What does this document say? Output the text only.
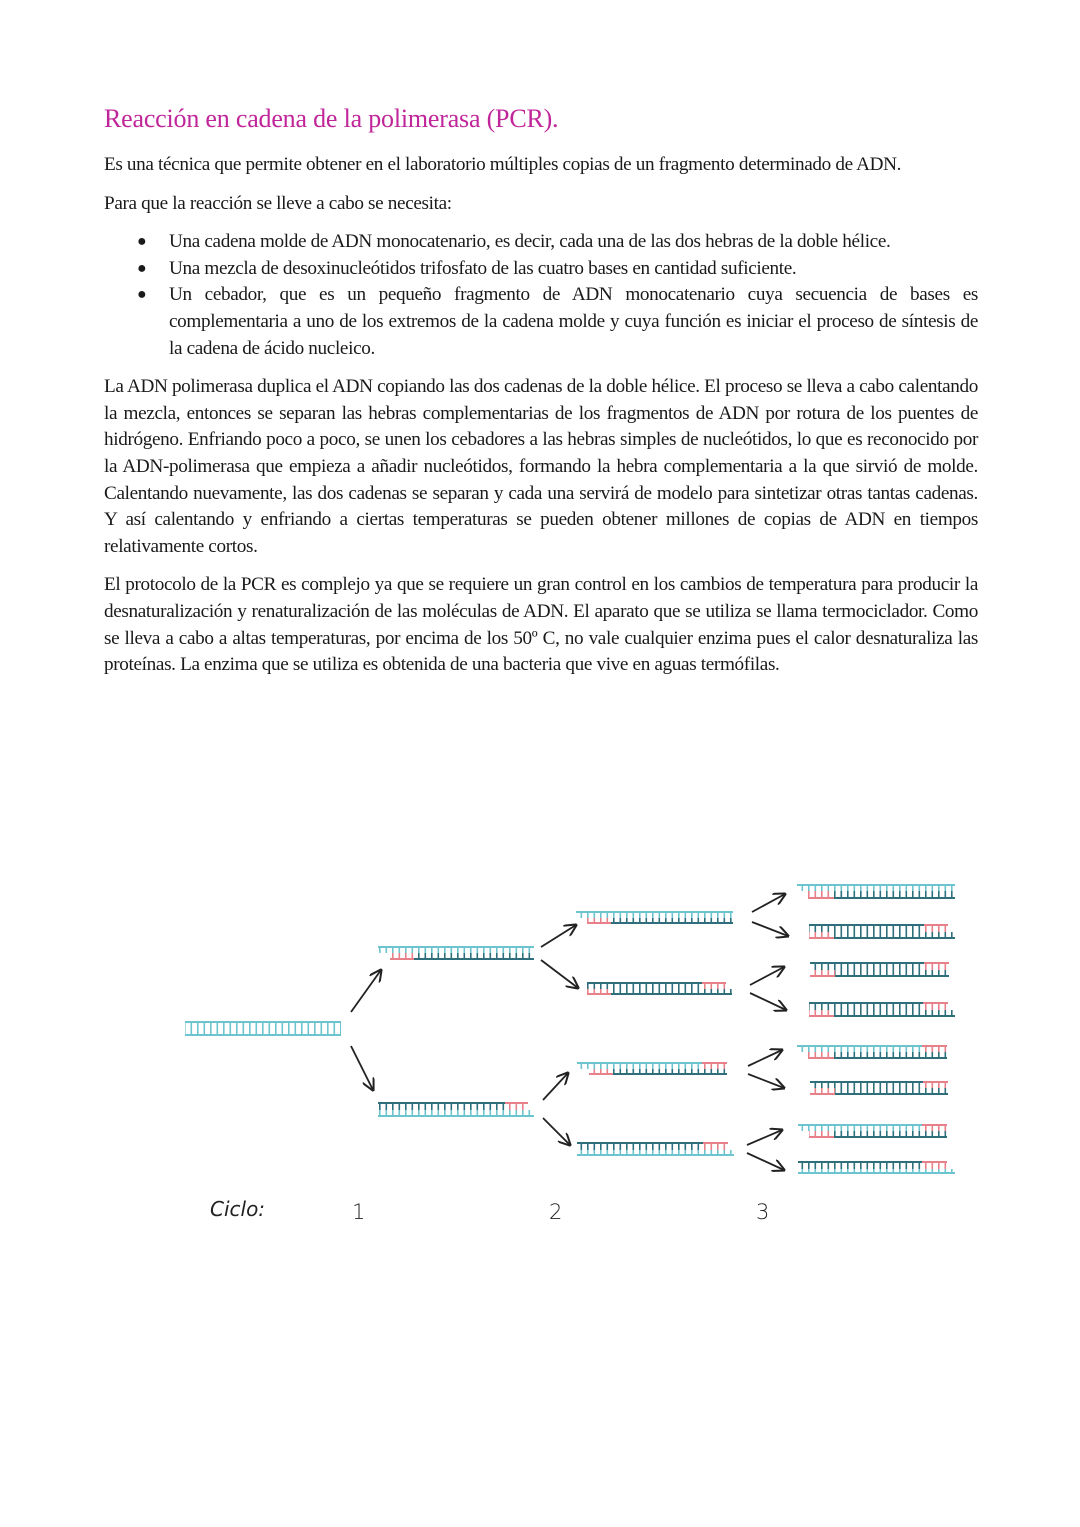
Reacción en cadena de la polimerasa (PCR).

Es una técnica que permite obtener en el laboratorio múltiples copias de un fragmento determinado de ADN.

Para que la reacción se lleve a cabo se necesita:

● Una cadena molde de ADN monocatenario, es decir, cada una de las dos hebras de la doble hélice.
● Una mezcla de desoxinucleótidos trifosfato de las cuatro bases en cantidad suficiente.
● Un cebador, que es un pequeño fragmento de ADN monocatenario cuya secuencia de bases es complementaria a uno de los extremos de la cadena molde y cuya función es iniciar el proceso de síntesis de la cadena de ácido nucleico.

La ADN polimerasa duplica el ADN copiando las dos cadenas de la doble hélice. El proceso se lleva a cabo calentando la mezcla, entonces se separan las hebras complementarias de los fragmentos de ADN por rotura de los puentes de hidrógeno. Enfriando poco a poco, se unen los cebadores a las hebras simples de nucleótidos, lo que es reconocido por la ADN-polimerasa que empieza a añadir nucleótidos, formando la hebra complementaria a la que sirvió de molde. Calentando nuevamente, las dos cadenas se separan y cada una servirá de modelo para sintetizar otras tantas cadenas. Y así calentando y enfriando a ciertas temperaturas se pueden obtener millones de copias de ADN en tiempos relativamente cortos.

El protocolo de la PCR es complejo ya que se requiere un gran control en los cambios de temperatura para producir la desnaturalización y renaturalización de las moléculas de ADN. El aparato que se utiliza se llama termociclador. Como se lleva a cabo a altas temperaturas, por encima de los 50º C, no vale cualquier enzima pues el calor desnaturaliza las proteínas. La enzima que se utiliza es obtenida de una bacteria que vive en aguas termófilas.

Ciclo:	1	2	3
